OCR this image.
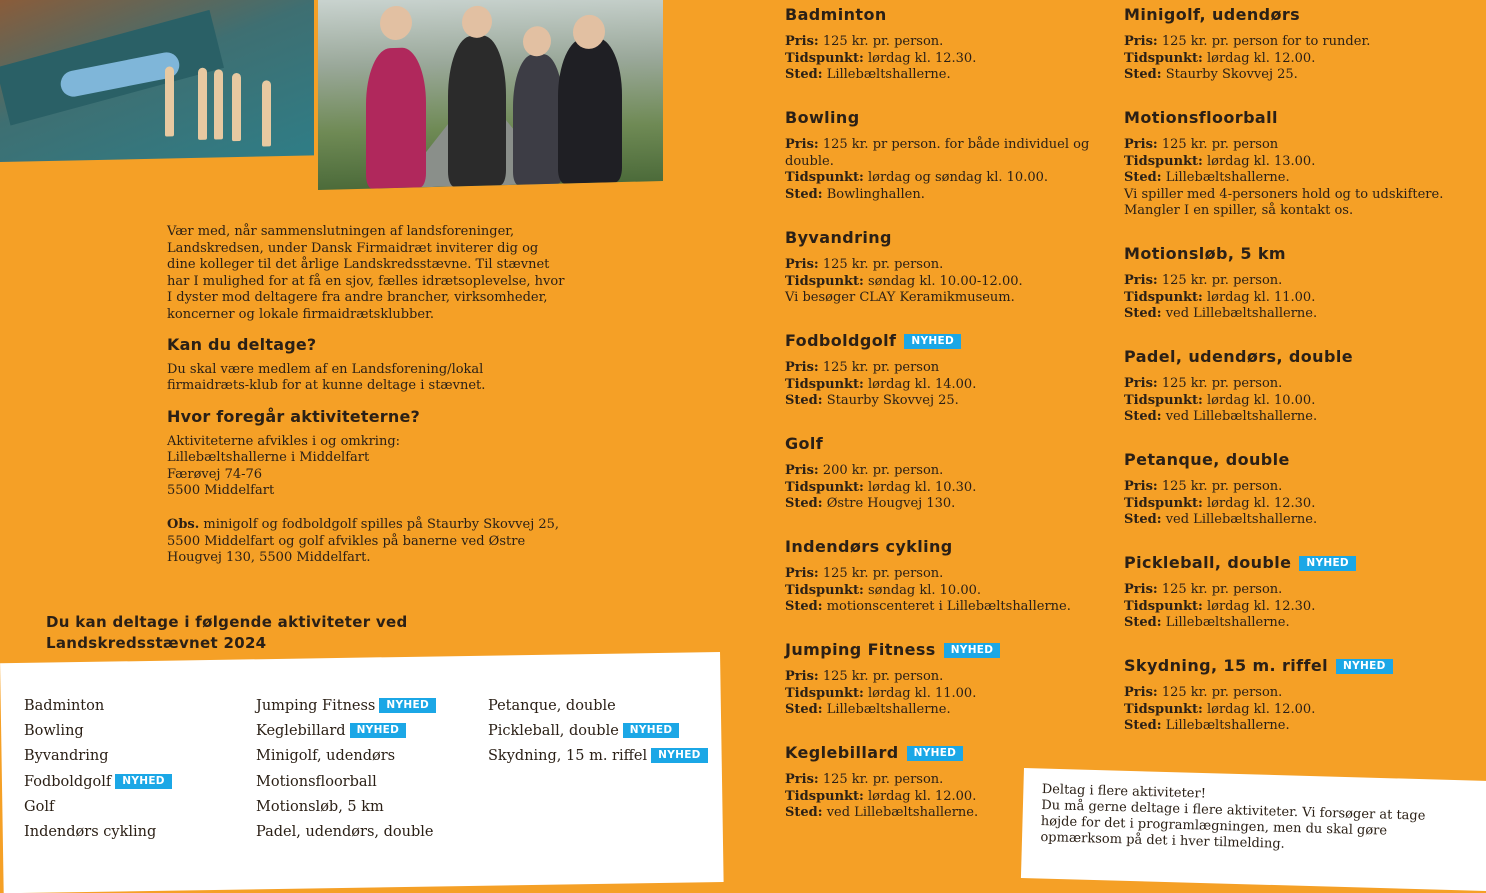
Vær med, når sammenslutningen af landsforeninger, Landskredsen, under Dansk Firmaidræt inviterer dig og dine kolleger til det årlige Landskredsstævne. Til stævnet har I mulighed for at få en sjov, fælles idrætsoplevelse, hvor I dyster mod deltagere fra andre brancher, virksomheder, koncerner og lokale firmaidrætsklubber.

Kan du deltage?

Du skal være medlem af en Landsforening/lokal firmaidræts-klub for at kunne deltage i stævnet.

Hvor foregår aktiviteterne?

Aktiviteterne afvikles i og omkring:

Lillebæltshallerne i Middelfart

Færøvej 74-76

5500 Middelfart

Obs. minigolf og fodboldgolf spilles på Staurby Skovvej 25, 5500 Middelfart og golf afvikles på banerne ved Østre Hougvej 130, 5500 Middelfart.

Du kan deltage i følgende aktiviteter ved Landskredsstævnet 2024
Badminton
Bowling
Byvandring
Fodboldgolf NYHED
Golf
Indendørs cykling
Jumping Fitness NYHED
Keglebillard NYHED
Minigolf, udendørs
Motionsfloorball
Motionsløb, 5 km
Padel, udendørs, double
Petanque, double
Pickleball, double NYHED
Skydning, 15 m. riffel NYHED
Badminton
Pris: 125 kr. pr. person.
Tidspunkt: lørdag kl. 12.30.
Sted: Lillebæltshallerne.
Bowling
Pris: 125 kr. pr person. for både individuel og double.
Tidspunkt: lørdag og søndag kl. 10.00.
Sted: Bowlinghallen.
Byvandring
Pris: 125 kr. pr. person.
Tidspunkt: søndag kl. 10.00-12.00.
Vi besøger CLAY Keramikmuseum.
Fodboldgolf NYHED
Pris: 125 kr. pr. person
Tidspunkt: lørdag kl. 14.00.
Sted: Staurby Skovvej 25.
Golf
Pris: 200 kr. pr. person.
Tidspunkt: lørdag kl. 10.30.
Sted: Østre Hougvej 130.
Indendørs cykling
Pris: 125 kr. pr. person.
Tidspunkt: søndag kl. 10.00.
Sted: motionscenteret i Lillebæltshallerne.
Jumping Fitness NYHED
Pris: 125 kr. pr. person.
Tidspunkt: lørdag kl. 11.00.
Sted: Lillebæltshallerne.
Keglebillard NYHED
Pris: 125 kr. pr. person.
Tidspunkt: lørdag kl. 12.00.
Sted: ved Lillebæltshallerne.
Minigolf, udendørs
Pris: 125 kr. pr. person for to runder.
Tidspunkt: lørdag kl. 12.00.
Sted: Staurby Skovvej 25.
Motionsfloorball
Pris: 125 kr. pr. person
Tidspunkt: lørdag kl. 13.00.
Sted: Lillebæltshallerne.
Vi spiller med 4-personers hold og to udskiftere.
Mangler I en spiller, så kontakt os.
Motionsløb, 5 km
Pris: 125 kr. pr. person.
Tidspunkt: lørdag kl. 11.00.
Sted: ved Lillebæltshallerne.
Padel, udendørs, double
Pris: 125 kr. pr. person.
Tidspunkt: lørdag kl. 10.00.
Sted: ved Lillebæltshallerne.
Petanque, double
Pris: 125 kr. pr. person.
Tidspunkt: lørdag kl. 12.30.
Sted: ved Lillebæltshallerne.
Pickleball, double NYHED
Pris: 125 kr. pr. person.
Tidspunkt: lørdag kl. 12.30.
Sted: Lillebæltshallerne.
Skydning, 15 m. riffel NYHED
Pris: 125 kr. pr. person.
Tidspunkt: lørdag kl. 12.00.
Sted: Lillebæltshallerne.

Deltag i flere aktiviteter!

Du må gerne deltage i flere aktiviteter. Vi forsøger at tage højde for det i programlægningen, men du skal gøre opmærksom på det i hver tilmelding.
